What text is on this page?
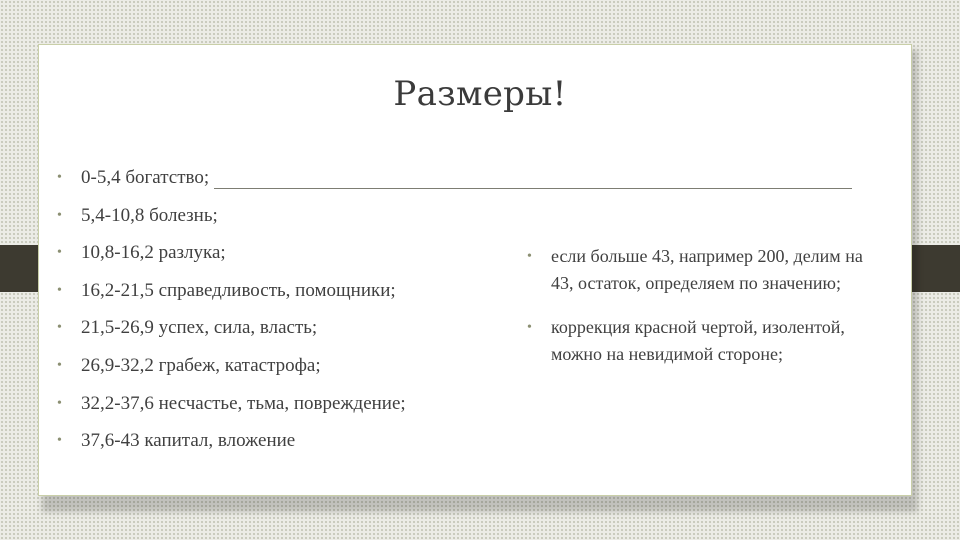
Размеры!
•	0-5,4 богатство;
•	5,4-10,8 болезнь;
•	10,8-16,2 разлука;
•	16,2-21,5 справедливость, помощники;
•	21,5-26,9 успех, сила, власть;
•	26,9-32,2 грабеж, катастрофа;
•	32,2-37,6 несчастье, тьма, повреждение;
•	37,6-43 капитал, вложение
•	если больше 43, например 200, делим на 43, остаток, определяем по значению;
•	коррекция красной чертой, изолентой, можно на невидимой стороне;
